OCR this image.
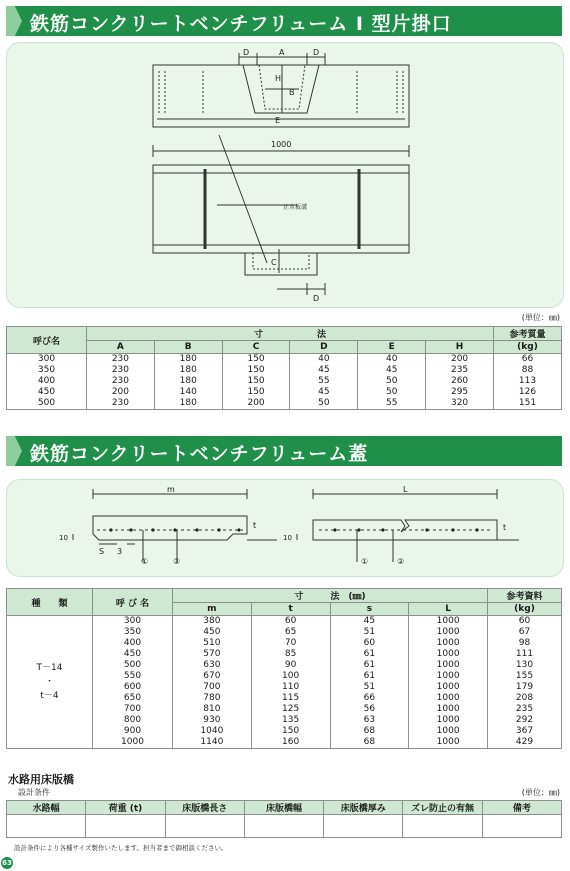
鉄筋コンクリートベンチフリューム I 型片掛口
D	A	D
H
B
E
1000
止水板溝
C
D
(単位：㎜)
呼び名	寸　　　　　　法						参考質量
	A	B	C	D	E	H	(kg)
300	230	180	150	40	40	200	66
350	230	180	150	45	45	235	88
400	230	180	150	55	50	260	113
450	200	140	150	45	50	295	126
500	230	180	200	50	55	320	151
鉄筋コンクリートベンチフリューム蓋
m	L
t	t
10	10
S 3
①	②	①	②
種　　類	呼 び 名	寸　　　法　(㎜)				参考資料
		m	t	s	L	(kg)

T－14
・
t－4	300	380	60	45	1000	60
	350	450	65	51	1000	67
	400	510	70	60	1000	98
	450	570	85	61	1000	111
	500	630	90	61	1000	130
	550	670	100	61	1000	155
	600	700	110	51	1000	179
	650	780	115	66	1000	208
	700	810	125	56	1000	235
	800	930	135	63	1000	292
	900	1040	150	68	1000	367
	1000	1140	160	68	1000	429
水路用床版橋
設計条件	(単位：㎜)
水路幅	荷重 (t)	床版橋長さ	床版橋幅	床版橋厚み	ズレ防止の有無	備考

設計条件により各種サイズ製作いたします。担当者まで御相談ください。
63
